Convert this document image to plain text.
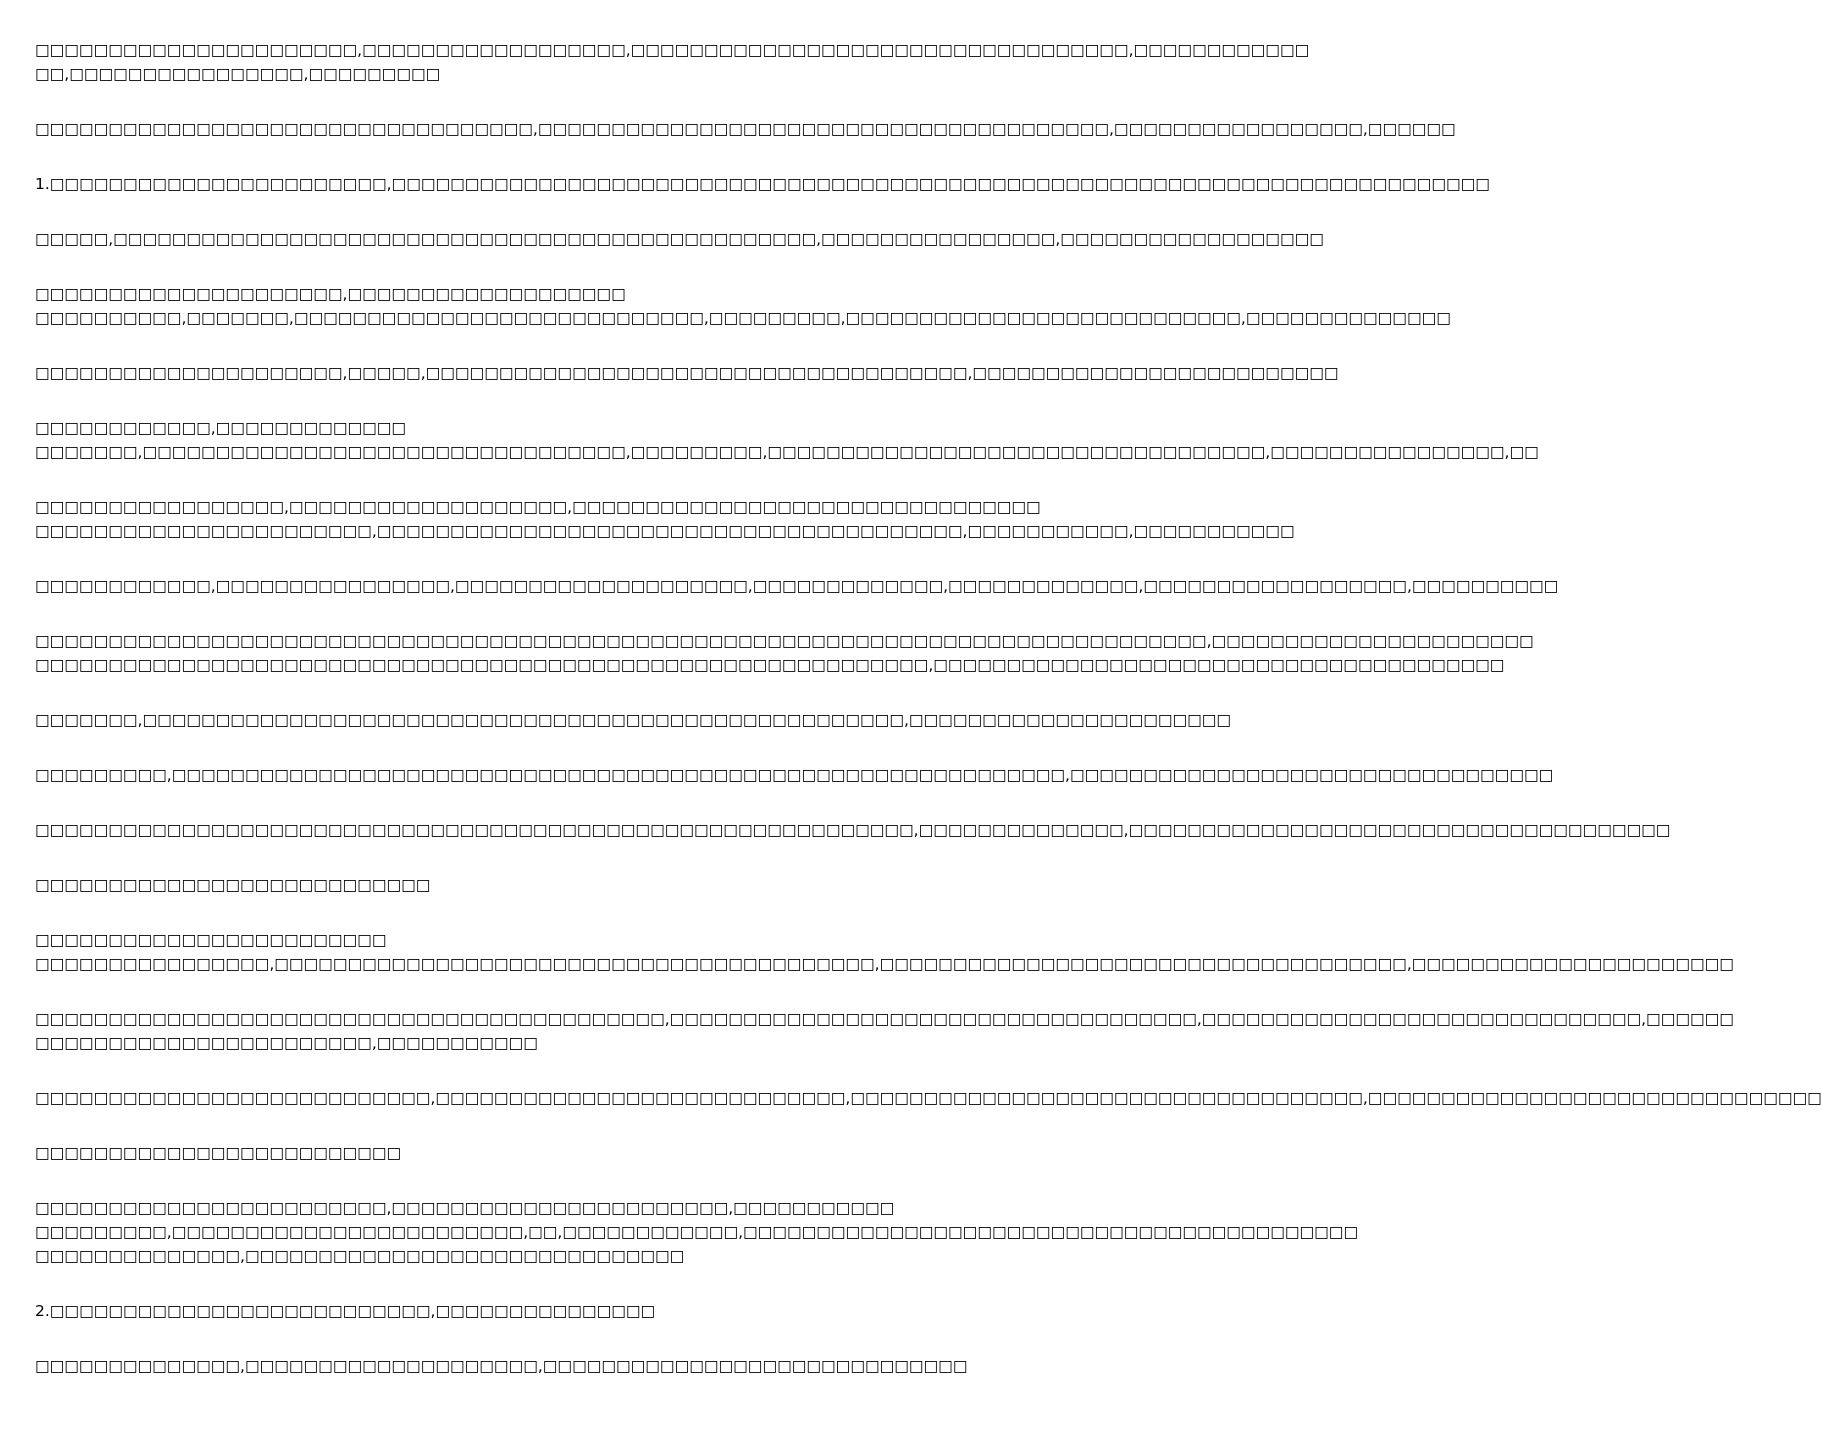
□□□□□□□□□□□□□□□□□□□□□□,□□□□□□□□□□□□□□□□□□,□□□□□□□□□□□□□□□□□□□□□□□□□□□□□□□□□□,□□□□□□□□□□□□
□□,□□□□□□□□□□□□□□□□,□□□□□□□□□
□□□□□□□□□□□□□□□□□□□□□□□□□□□□□□□□□□,□□□□□□□□□□□□□□□□□□□□□□□□□□□□□□□□□□□□□□□,□□□□□□□□□□□□□□□□□,□□□□□□
1.□□□□□□□□□□□□□□□□□□□□□□□,□□□□□□□□□□□□□□□□□□□□□□□□□□□□□□□□□□□□□□□□□□□□□□□□□□□□□□□□□□□□□□□□□□□□□□□□□□□
□□□□□,□□□□□□□□□□□□□□□□□□□□□□□□□□□□□□□□□□□□□□□□□□□□□□□□,□□□□□□□□□□□□□□□□,□□□□□□□□□□□□□□□□□□
□□□□□□□□□□□□□□□□□□□□□,□□□□□□□□□□□□□□□□□□□
□□□□□□□□□□,□□□□□□□,□□□□□□□□□□□□□□□□□□□□□□□□□□□□,□□□□□□□□□,□□□□□□□□□□□□□□□□□□□□□□□□□□□,□□□□□□□□□□□□□□
□□□□□□□□□□□□□□□□□□□□□,□□□□□,□□□□□□□□□□□□□□□□□□□□□□□□□□□□□□□□□□□□□,□□□□□□□□□□□□□□□□□□□□□□□□□
□□□□□□□□□□□□,□□□□□□□□□□□□□
□□□□□□□,□□□□□□□□□□□□□□□□□□□□□□□□□□□□□□□□□,□□□□□□□□□,□□□□□□□□□□□□□□□□□□□□□□□□□□□□□□□□□□,□□□□□□□□□□□□□□□□,□□
□□□□□□□□□□□□□□□□□,□□□□□□□□□□□□□□□□□□□,□□□□□□□□□□□□□□□□□□□□□□□□□□□□□□□□
□□□□□□□□□□□□□□□□□□□□□□□,□□□□□□□□□□□□□□□□□□□□□□□□□□□□□□□□□□□□□□□□,□□□□□□□□□□□,□□□□□□□□□□□
□□□□□□□□□□□□,□□□□□□□□□□□□□□□□,□□□□□□□□□□□□□□□□□□□□,□□□□□□□□□□□□□,□□□□□□□□□□□□□,□□□□□□□□□□□□□□□□□□,□□□□□□□□□□
□□□□□□□□□□□□□□□□□□□□□□□□□□□□□□□□□□□□□□□□□□□□□□□□□□□□□□□□□□□□□□□□□□□□□□□□□□□□□□□□,□□□□□□□□□□□□□□□□□□□□□□
□□□□□□□□□□□□□□□□□□□□□□□□□□□□□□□□□□□□□□□□□□□□□□□□□□□□□□□□□□□□□,□□□□□□□□□□□□□□□□□□□□□□□□□□□□□□□□□□□□□□□
□□□□□□□,□□□□□□□□□□□□□□□□□□□□□□□□□□□□□□□□□□□□□□□□□□□□□□□□□□□□,□□□□□□□□□□□□□□□□□□□□□□
□□□□□□□□□,□□□□□□□□□□□□□□□□□□□□□□□□□□□□□□□□□□□□□□□□□□□□□□□□□□□□□□□□□□□□□,□□□□□□□□□□□□□□□□□□□□□□□□□□□□□□□□□
□□□□□□□□□□□□□□□□□□□□□□□□□□□□□□□□□□□□□□□□□□□□□□□□□□□□□□□□□□□□,□□□□□□□□□□□□□□,□□□□□□□□□□□□□□□□□□□□□□□□□□□□□□□□□□□□□
□□□□□□□□□□□□□□□□□□□□□□□□□□□
□□□□□□□□□□□□□□□□□□□□□□□□
□□□□□□□□□□□□□□□□,□□□□□□□□□□□□□□□□□□□□□□□□□□□□□□□□□□□□□□□□□,□□□□□□□□□□□□□□□□□□□□□□□□□□□□□□□□□□□□,□□□□□□□□□□□□□□□□□□□□□□
□□□□□□□□□□□□□□□□□□□□□□□□□□□□□□□□□□□□□□□□□□□,□□□□□□□□□□□□□□□□□□□□□□□□□□□□□□□□□□□□,□□□□□□□□□□□□□□□□□□□□□□□□□□□□□□,□□□□□□
□□□□□□□□□□□□□□□□□□□□□□□,□□□□□□□□□□□
□□□□□□□□□□□□□□□□□□□□□□□□□□□,□□□□□□□□□□□□□□□□□□□□□□□□□□□□,□□□□□□□□□□□□□□□□□□□□□□□□□□□□□□□□□□□,□□□□□□□□□□□□□□□□□□□□□□□□□□□□□□□
□□□□□□□□□□□□□□□□□□□□□□□□□
□□□□□□□□□□□□□□□□□□□□□□□□,□□□□□□□□□□□□□□□□□□□□□□□,□□□□□□□□□□□
□□□□□□□□□,□□□□□□□□□□□□□□□□□□□□□□□□,□□,□□□□□□□□□□□□,□□□□□□□□□□□□□□□□□□□□□□□□□□□□□□□□□□□□□□□□□□
□□□□□□□□□□□□□□,□□□□□□□□□□□□□□□□□□□□□□□□□□□□□□
2.□□□□□□□□□□□□□□□□□□□□□□□□□□,□□□□□□□□□□□□□□□
□□□□□□□□□□□□□□,□□□□□□□□□□□□□□□□□□□□,□□□□□□□□□□□□□□□□□□□□□□□□□□□□□
